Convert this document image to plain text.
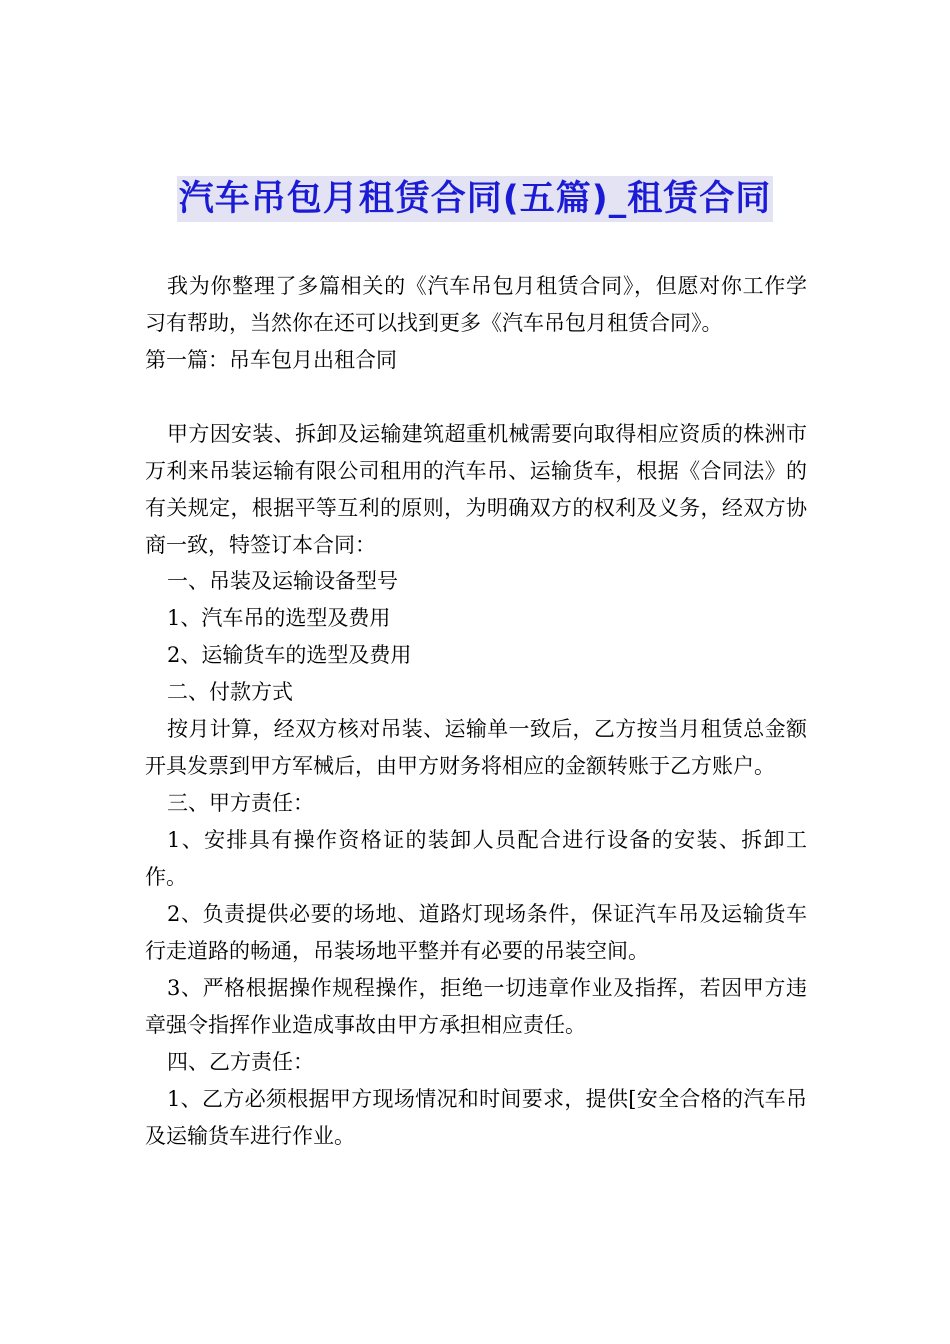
汽车吊包月租赁合同(五篇)_租赁合同

我为你整理了多篇相关的《汽车吊包月租赁合同》，但愿对你工作学习有帮助，当然你在还可以找到更多《汽车吊包月租赁合同》。

第一篇：吊车包月出租合同

甲方因安装、拆卸及运输建筑超重机械需要向取得相应资质的株洲市万利来吊装运输有限公司租用的汽车吊、运输货车，根据《合同法》的有关规定，根据平等互利的原则，为明确双方的权利及义务，经双方协商一致，特签订本合同：

一、吊装及运输设备型号

1、汽车吊的选型及费用

2、运输货车的选型及费用

二、付款方式

按月计算，经双方核对吊装、运输单一致后，乙方按当月租赁总金额开具发票到甲方军械后，由甲方财务将相应的金额转账于乙方账户。

三、甲方责任：

1、安排具有操作资格证的装卸人员配合进行设备的安装、拆卸工作。

2、负责提供必要的场地、道路灯现场条件，保证汽车吊及运输货车行走道路的畅通，吊装场地平整并有必要的吊装空间。

3、严格根据操作规程操作，拒绝一切违章作业及指挥，若因甲方违章强令指挥作业造成事故由甲方承担相应责任。

四、乙方责任：

1、乙方必须根据甲方现场情况和时间要求，提供[安全合格的汽车吊及运输货车进行作业。
